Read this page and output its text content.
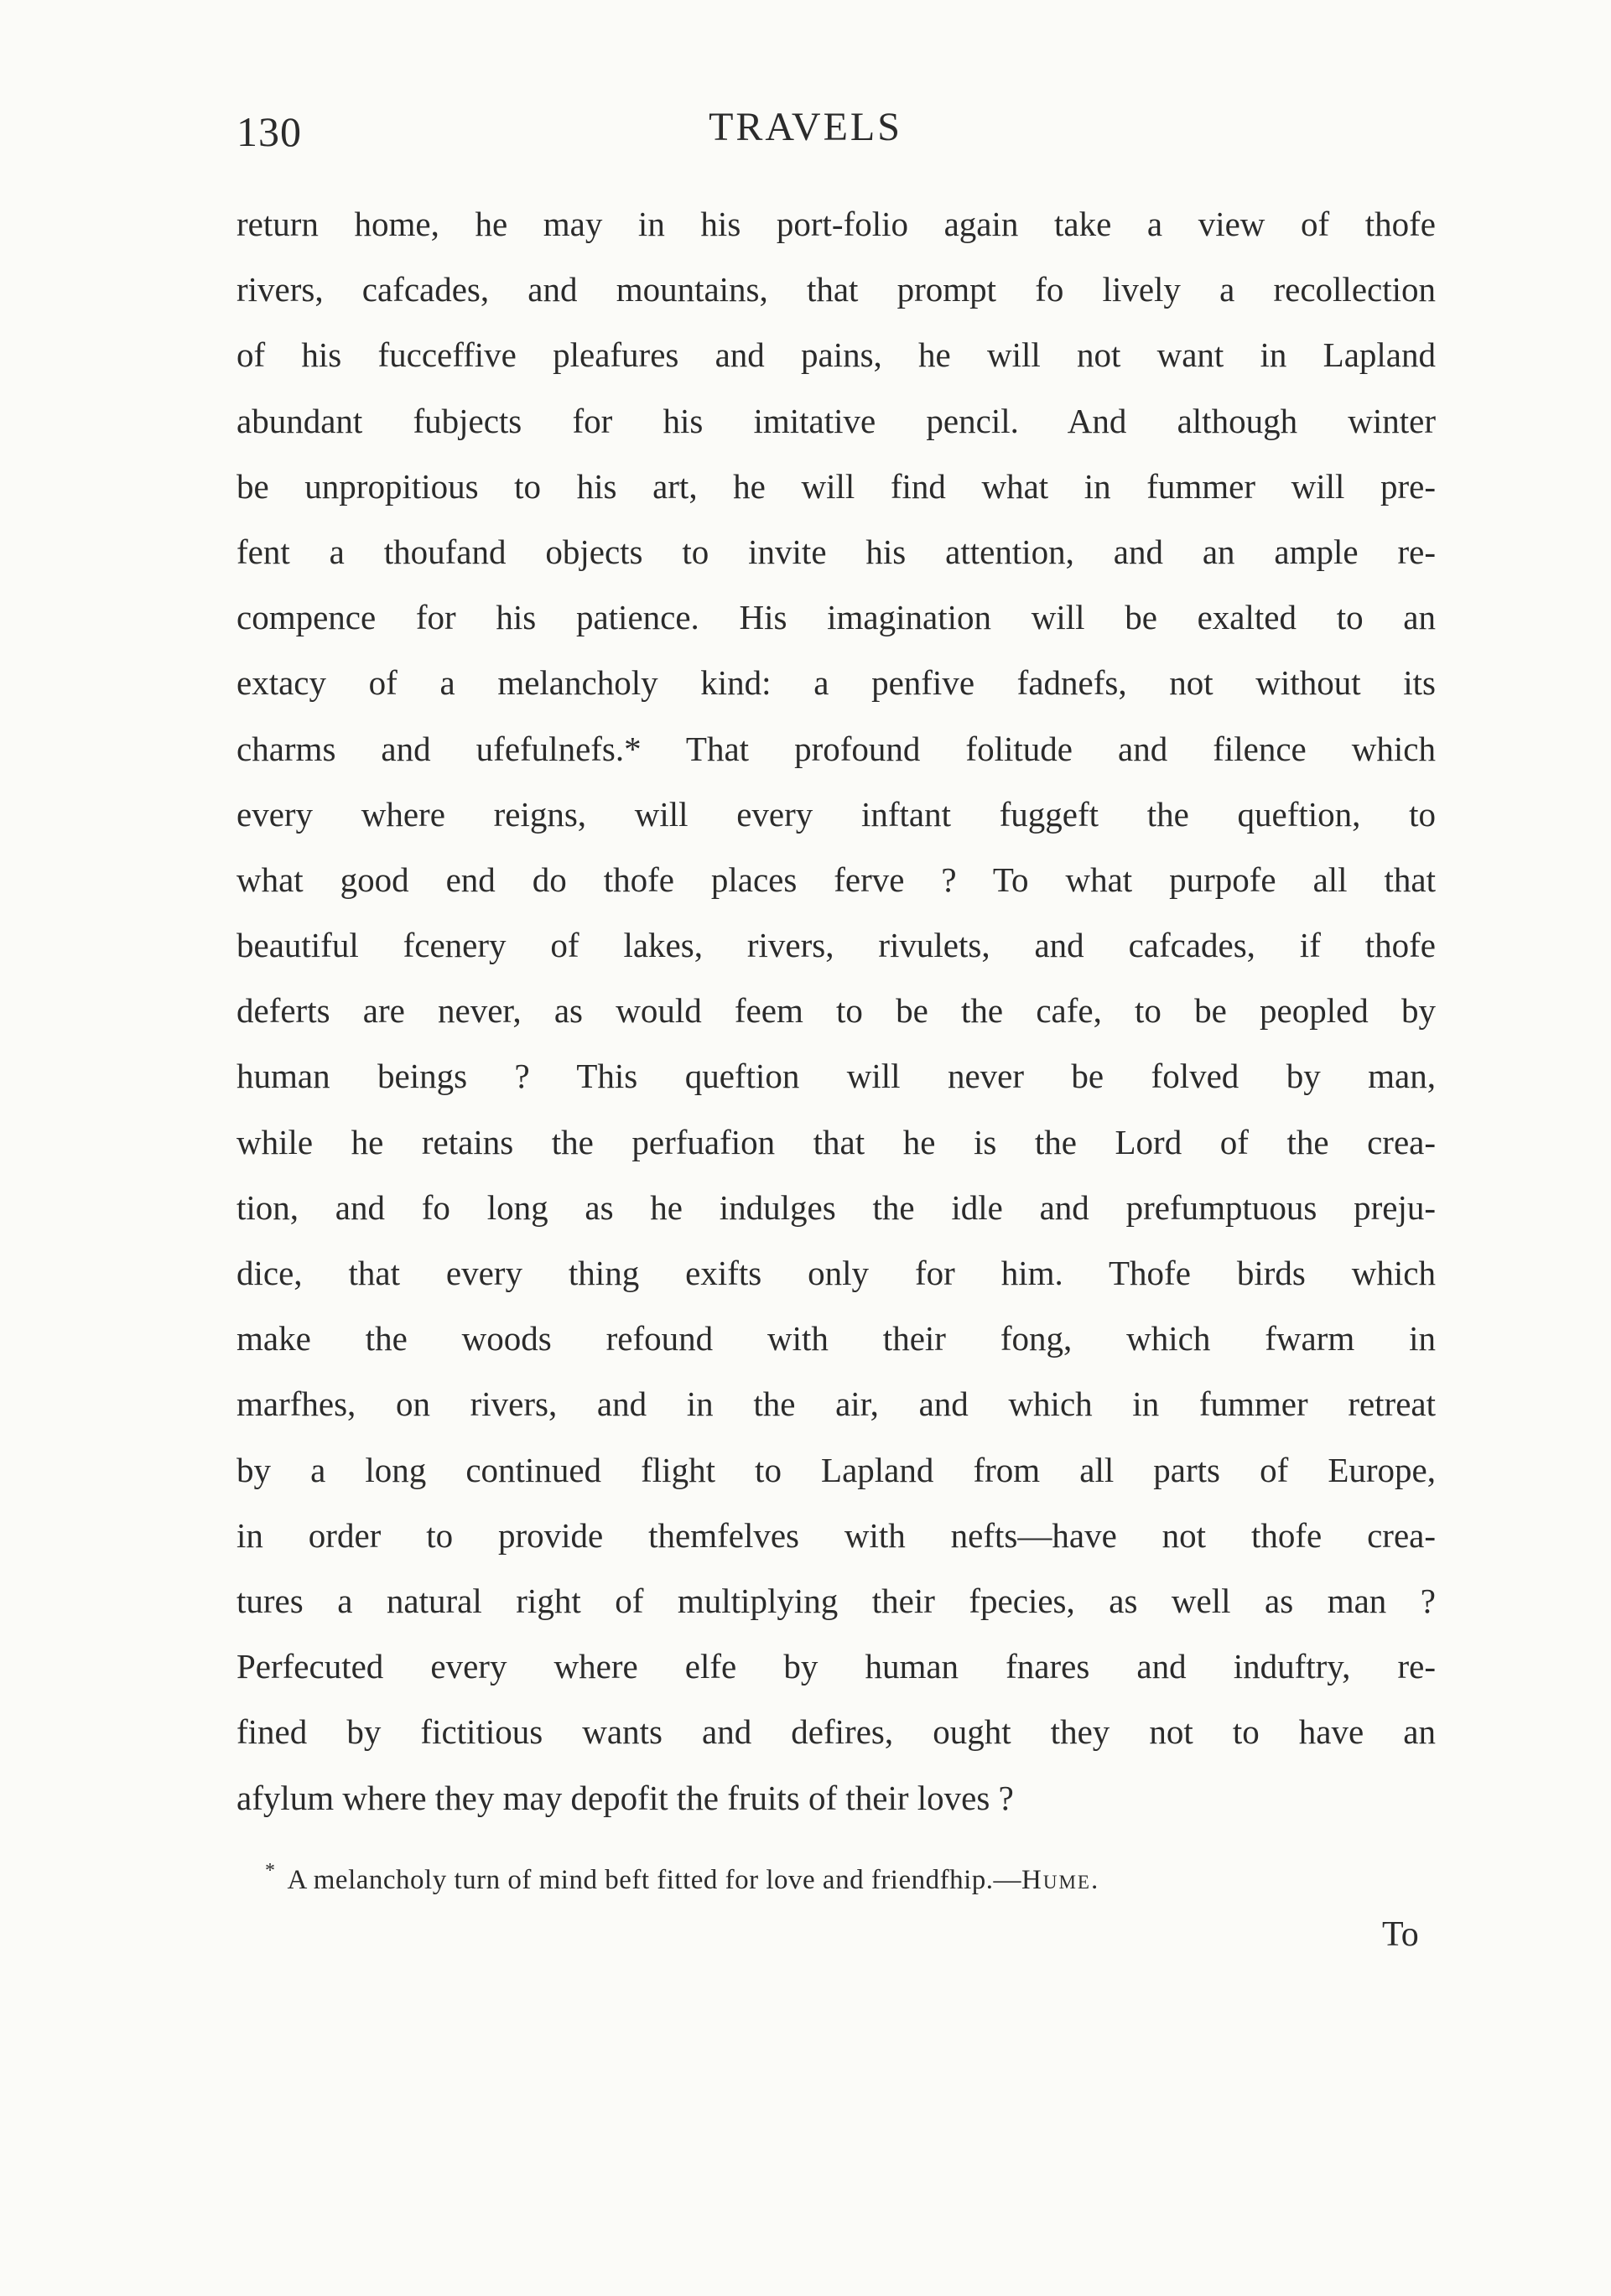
130	TRAVELS
return home, he may in his port-folio again take a view of thofe
rivers, cafcades, and mountains, that prompt fo lively a recollection
of his fucceffive pleafures and pains, he will not want in Lapland
abundant fubjects for his imitative pencil. And although winter
be unpropitious to his art, he will find what in fummer will pre-
fent a thoufand objects to invite his attention, and an ample re-
compence for his patience. His imagination will be exalted to an
extacy of a melancholy kind: a penfive fadnefs, not without its
charms and ufefulnefs.* That profound folitude and filence which
every where reigns, will every inftant fuggeft the queftion, to
what good end do thofe places ferve ? To what purpofe all that
beautiful fcenery of lakes, rivers, rivulets, and cafcades, if thofe
deferts are never, as would feem to be the cafe, to be peopled by
human beings ? This queftion will never be folved by man,
while he retains the perfuafion that he is the Lord of the crea-
tion, and fo long as he indulges the idle and prefumptuous preju-
dice, that every thing exifts only for him. Thofe birds which
make the woods refound with their fong, which fwarm in
marfhes, on rivers, and in the air, and which in fummer retreat
by a long continued flight to Lapland from all parts of Europe,
in order to provide themfelves with nefts—have not thofe crea-
tures a natural right of multiplying their fpecies, as well as man ?
Perfecuted every where elfe by human fnares and induftry, re-
fined by fictitious wants and defires, ought they not to have an
afylum where they may depofit the fruits of their loves ?
* A melancholy turn of mind beft fitted for love and friendfhip.—Hume.
To
